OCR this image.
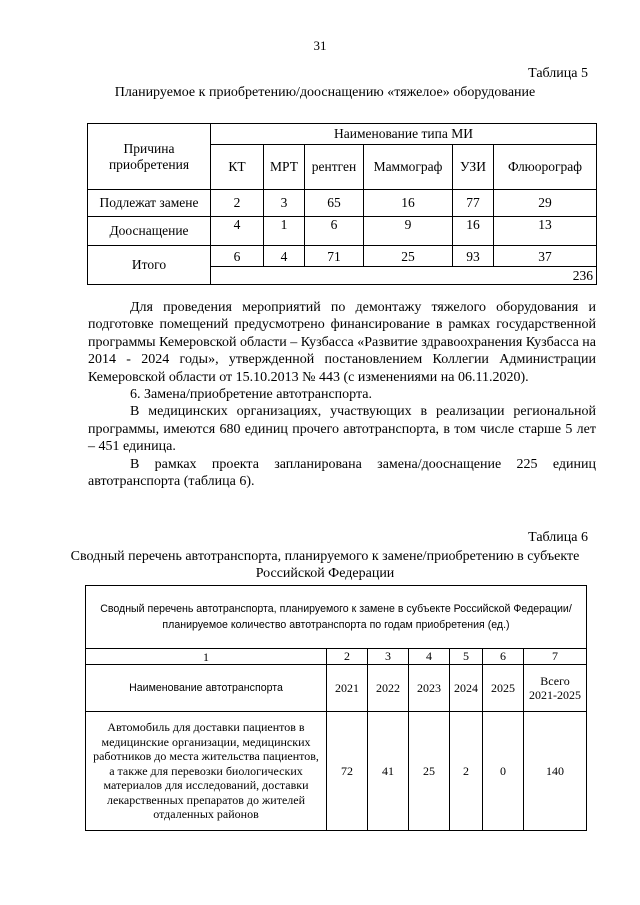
31
Таблица 5
Планируемое к приобретению/дооснащению «тяжелое» оборудование
Причина приобретения	Наименование типа МИ					
	КТ	МРТ	рентген	Маммограф	УЗИ	Флюорограф
Подлежат замене	2	3	65	16	77	29
Дооснащение	4	1	6	9	16	13
Итого	6	4	71	25	93	37
	236					

Для проведения мероприятий по демонтажу тяжелого оборудования и подготовке помещений предусмотрено финансирование в рамках государственной программы Кемеровской области – Кузбасса «Развитие здравоохранения Кузбасса на 2014 - 2024 годы», утвержденной постановлением Коллегии Администрации Кемеровской области от 15.10.2013 № 443 (с изменениями на 06.11.2020).

6. Замена/приобретение автотранспорта.

В медицинских организациях, участвующих в реализации региональной программы, имеются 680 единиц прочего автотранспорта, в том числе старше 5 лет – 451 единица.

В рамках проекта запланирована замена/дооснащение 225 единиц автотранспорта (таблица 6).

Таблица 6
Сводный перечень автотранспорта, планируемого к замене/приобретению в субъекте Российской Федерации
Сводный перечень автотранспорта, планируемого к замене в субъекте Российской Федерации/планируемое количество автотранспорта по годам приобретения (ед.)						
1	2	3	4	5	6	7
Наименование автотранспорта	2021	2022	2023	2024	2025	Всего 2021-2025
Автомобиль для доставки пациентов в медицинские организации, медицинских работников до места жительства пациентов, а также для перевозки биологических материалов для исследований, доставки лекарственных препаратов до жителей отдаленных районов	72	41	25	2	0	140
